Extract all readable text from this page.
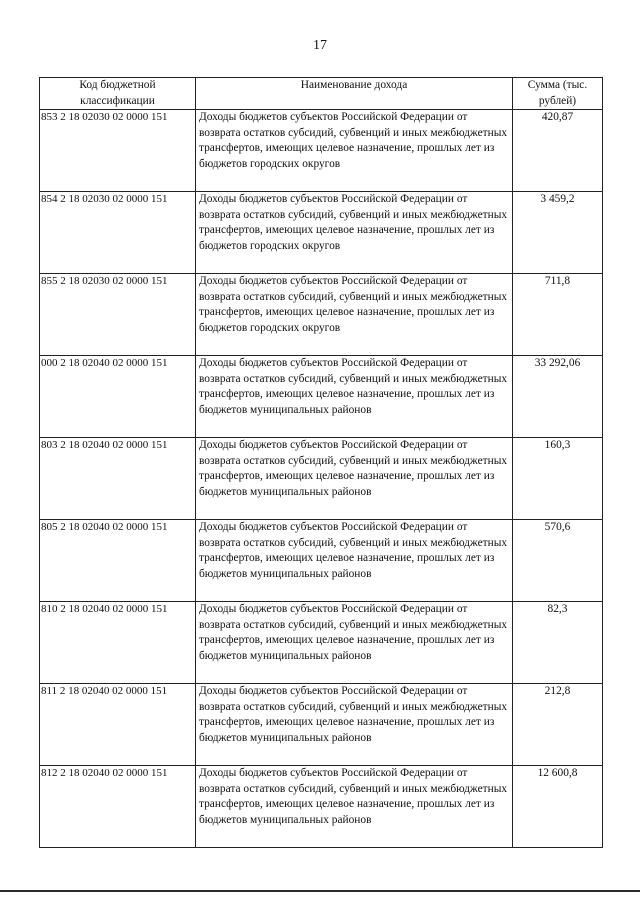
17
Код бюджетной классификации	Наименование дохода	Сумма (тыс. рублей)
853 2 18 02030 02 0000 151	Доходы бюджетов субъектов Российской Федерации от возврата остатков субсидий, субвенций и иных межбюджетных трансфертов, имеющих целевое назначение, прошлых лет из бюджетов городских округов	420,87
854 2 18 02030 02 0000 151	Доходы бюджетов субъектов Российской Федерации от возврата остатков субсидий, субвенций и иных межбюджетных трансфертов, имеющих целевое назначение, прошлых лет из бюджетов городских округов	3 459,2
855 2 18 02030 02 0000 151	Доходы бюджетов субъектов Российской Федерации от возврата остатков субсидий, субвенций и иных межбюджетных трансфертов, имеющих целевое назначение, прошлых лет из бюджетов городских округов	711,8
000 2 18 02040 02 0000 151	Доходы бюджетов субъектов Российской Федерации от возврата остатков субсидий, субвенций и иных межбюджетных трансфертов, имеющих целевое назначение, прошлых лет из бюджетов муниципальных районов	33 292,06
803 2 18 02040 02 0000 151	Доходы бюджетов субъектов Российской Федерации от возврата остатков субсидий, субвенций и иных межбюджетных трансфертов, имеющих целевое назначение, прошлых лет из бюджетов муниципальных районов	160,3
805 2 18 02040 02 0000 151	Доходы бюджетов субъектов Российской Федерации от возврата остатков субсидий, субвенций и иных межбюджетных трансфертов, имеющих целевое назначение, прошлых лет из бюджетов муниципальных районов	570,6
810 2 18 02040 02 0000 151	Доходы бюджетов субъектов Российской Федерации от возврата остатков субсидий, субвенций и иных межбюджетных трансфертов, имеющих целевое назначение, прошлых лет из бюджетов муниципальных районов	82,3
811 2 18 02040 02 0000 151	Доходы бюджетов субъектов Российской Федерации от возврата остатков субсидий, субвенций и иных межбюджетных трансфертов, имеющих целевое назначение, прошлых лет из бюджетов муниципальных районов	212,8
812 2 18 02040 02 0000 151	Доходы бюджетов субъектов Российской Федерации от возврата остатков субсидий, субвенций и иных межбюджетных трансфертов, имеющих целевое назначение, прошлых лет из бюджетов муниципальных районов	12 600,8
